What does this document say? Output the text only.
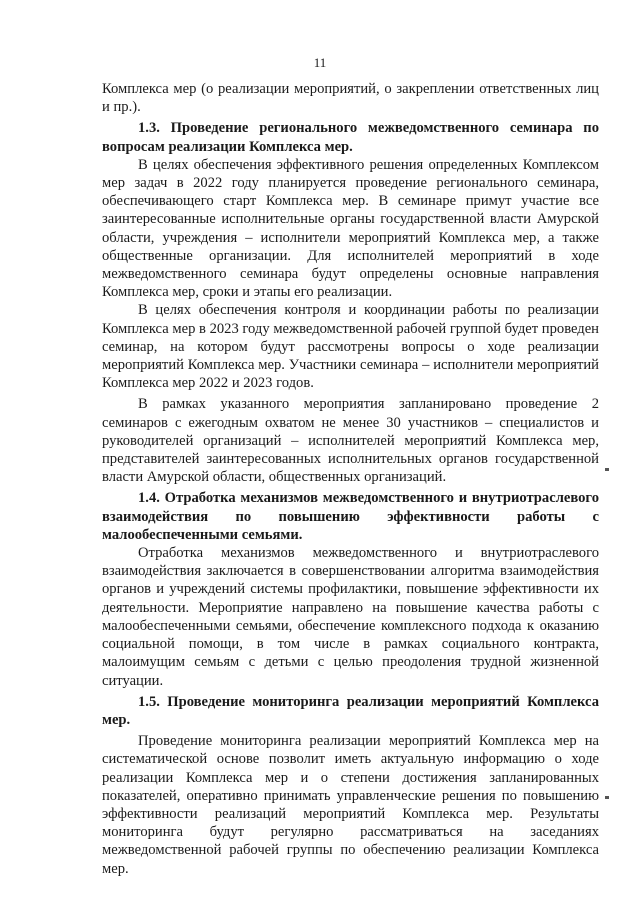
11

Комплекса мер (о реализации мероприятий, о закреплении ответственных лиц и пр.).

1.3. Проведение регионального межведомственного семинара по вопросам реализации Комплекса мер.

В целях обеспечения эффективного решения определенных Комплексом мер задач в 2022 году планируется проведение регионального семинара, обеспечивающего старт Комплекса мер. В семинаре примут участие все заинтересованные исполнительные органы государственной власти Амурской области, учреждения – исполнители мероприятий Комплекса мер, а также общественные организации. Для исполнителей мероприятий в ходе межведомственного семинара будут определены основные направления Комплекса мер, сроки и этапы его реализации.

В целях обеспечения контроля и координации работы по реализации Комплекса мер в 2023 году межведомственной рабочей группой будет проведен семинар, на котором будут рассмотрены вопросы о ходе реализации мероприятий Комплекса мер. Участники семинара – исполнители мероприятий Комплекса мер 2022 и 2023 годов.

В рамках указанного мероприятия запланировано проведение 2 семинаров с ежегодным охватом не менее 30 участников – специалистов и руководителей организаций – исполнителей мероприятий Комплекса мер, представителей заинтересованных исполнительных органов государственной власти Амурской области, общественных организаций.

1.4. Отработка механизмов межведомственного и внутриотраслевого взаимодействия по повышению эффективности работы с малообеспеченными семьями.

Отработка механизмов межведомственного и внутриотраслевого взаимодействия заключается в совершенствовании алгоритма взаимодействия органов и учреждений системы профилактики, повышение эффективности их деятельности. Мероприятие направлено на повышение качества работы с малообеспеченными семьями, обеспечение комплексного подхода к оказанию социальной помощи, в том числе в рамках социального контракта, малоимущим семьям с детьми с целью преодоления трудной жизненной ситуации.

1.5. Проведение мониторинга реализации мероприятий Комплекса мер.

Проведение мониторинга реализации мероприятий Комплекса мер на систематической основе позволит иметь актуальную информацию о ходе реализации Комплекса мер и о степени достижения запланированных показателей, оперативно принимать управленческие решения по повышению эффективности реализаций мероприятий Комплекса мер. Результаты мониторинга будут регулярно рассматриваться на заседаниях межведомственной рабочей группы по обеспечению реализации Комплекса мер.
